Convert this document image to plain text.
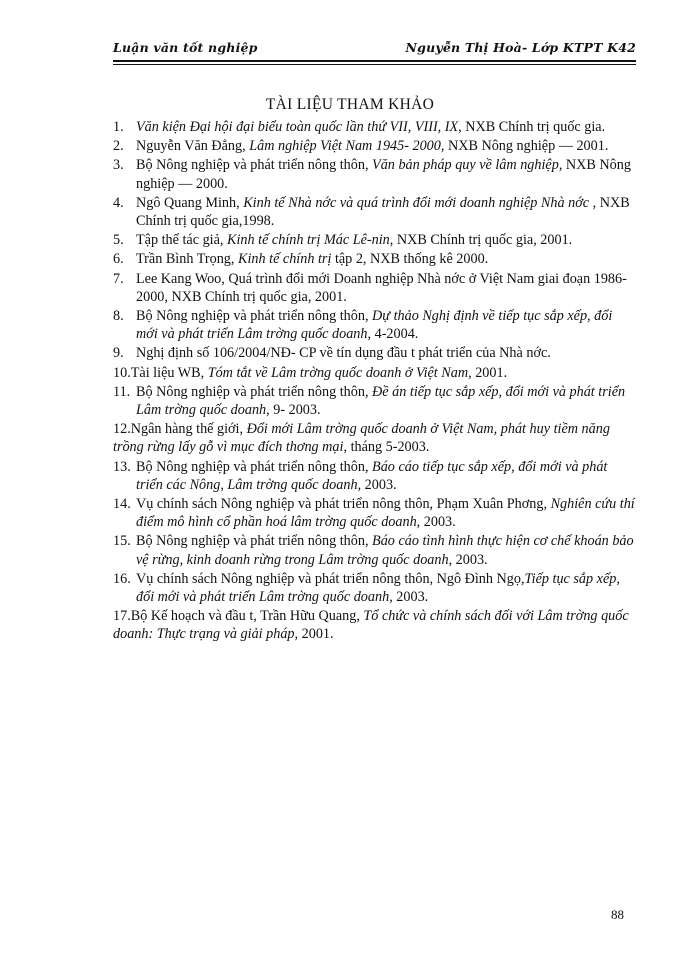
Luận văn tốt nghiệp	Nguyễn Thị Hoà- Lớp KTPT K42
TÀI LIỆU THAM KHẢO
1. Văn kiện Đại hội đại biểu toàn quốc lần thứ VII, VIII, IX, NXB Chính trị quốc gia.
2. Nguyễn Văn Đẳng, Lâm nghiệp Việt Nam 1945- 2000, NXB Nông nghiệp — 2001.
3. Bộ Nông nghiệp và phát triển nông thôn, Văn bản pháp quy về lâm nghiệp, NXB Nông nghiệp — 2000.
4. Ngô Quang Minh, Kinh tế Nhà nớc và quá trình đổi mới doanh nghiệp Nhà nớc , NXB Chính trị quốc gia,1998.
5. Tập thể tác giả, Kinh tế chính trị Mác Lê-nin, NXB Chính trị quốc gia, 2001.
6. Trần Bình Trọng, Kinh tế chính trị tập 2, NXB thống kê 2000.
7. Lee Kang Woo, Quá trình đổi mới Doanh nghiệp Nhà nớc ở Việt Nam giai đoạn 1986-2000, NXB Chính trị quốc gia, 2001.
8. Bộ Nông nghiệp và phát triển nông thôn, Dự thảo Nghị định về tiếp tục sắp xếp, đổi mới và phát triển Lâm trờng quốc doanh, 4-2004.
9. Nghị định số 106/2004/NĐ- CP về tín dụng đầu t phát triển của Nhà nớc.
10.Tài liệu WB, Tóm tắt về Lâm trờng quốc doanh ở Việt Nam, 2001.
11. Bộ Nông nghiệp và phát triển nông thôn, Đề án tiếp tục sắp xếp, đổi mới và phát triển Lâm trờng quốc doanh, 9- 2003.
12.Ngân hàng thế giới, Đổi mới Lâm trờng quốc doanh ở Việt Nam, phát huy tiềm năng trồng rừng lấy gỗ vì mục đích thơng mại, tháng 5-2003.
13. Bộ Nông nghiệp và phát triển nông thôn, Báo cáo tiếp tục sắp xếp, đổi mới và phát triển các Nông, Lâm trờng quốc doanh, 2003.
14. Vụ chính sách Nông nghiệp và phát triển nông thôn, Phạm Xuân Phơng, Nghiên cứu thí điểm mô hình cổ phần hoá lâm trờng quốc doanh, 2003.
15. Bộ Nông nghiệp và phát triển nông thôn, Báo cáo tình hình thực hiện cơ chế khoán bảo vệ rừng, kinh doanh rừng trong Lâm trờng quốc doanh, 2003.
16. Vụ chính sách Nông nghiệp và phát triển nông thôn, Ngô Đình Ngọ,Tiếp tục sắp xếp, đổi mới và phát triển Lâm trờng quốc doanh, 2003.
17.Bộ Kế hoạch và đầu t, Trần Hữu Quang, Tổ chức và chính sách đối với Lâm trờng quốc doanh: Thực trạng và giải pháp, 2001.
88
